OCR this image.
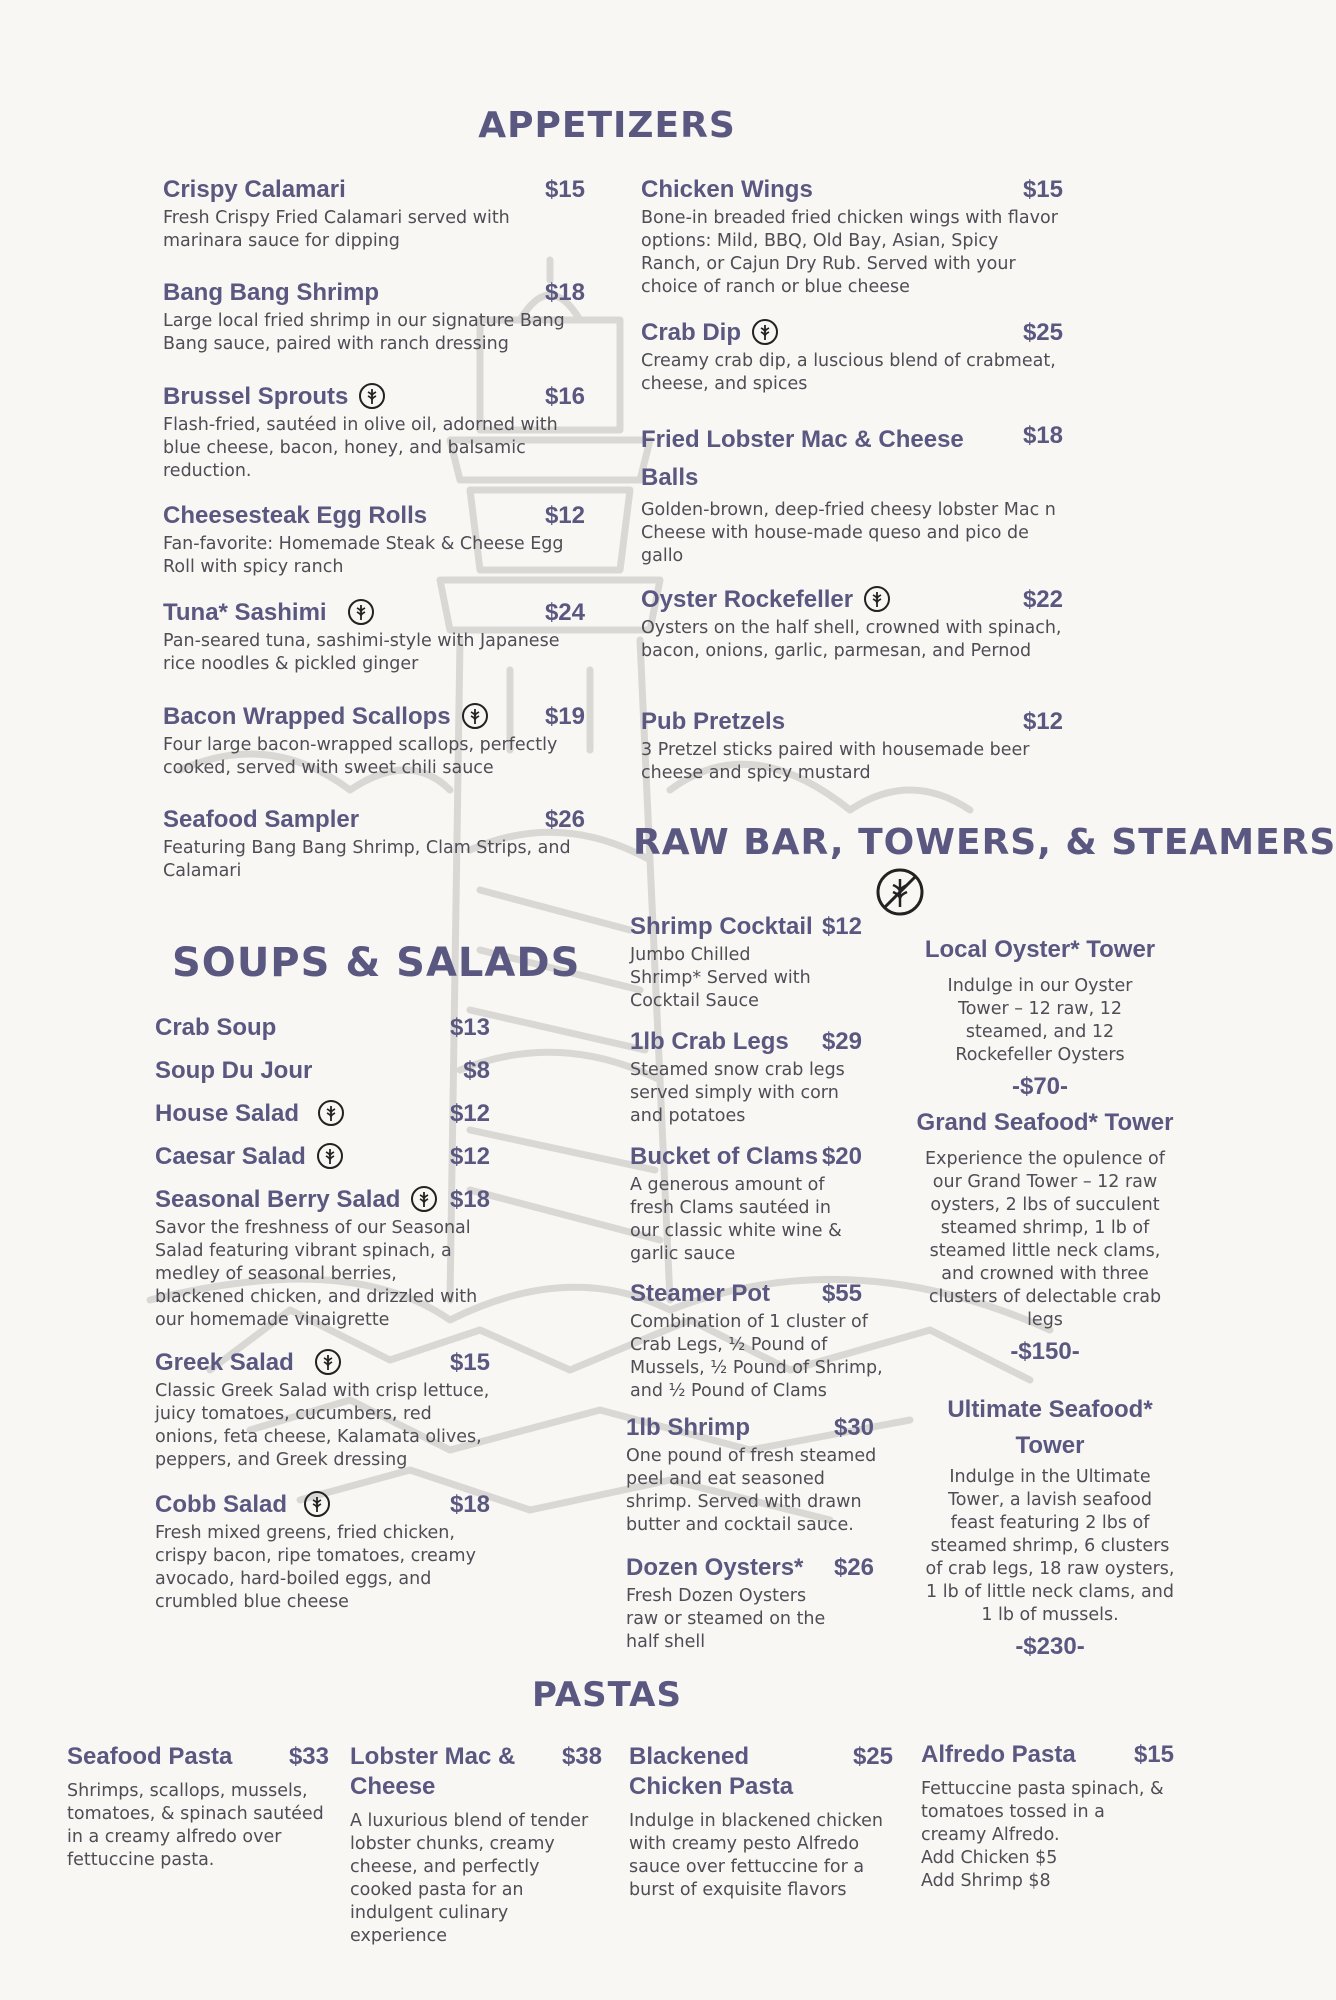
APPETIZERS
Crispy Calamari	$15
Fresh Crispy Fried Calamari served with marinara sauce for dipping
Bang Bang Shrimp	$18
Large local fried shrimp in our signature Bang Bang sauce, paired with ranch dressing
Brussel Sprouts	$16
Flash-fried, sautéed in olive oil, adorned with blue cheese, bacon, honey, and balsamic reduction.
Cheesesteak Egg Rolls	$12
Fan-favorite: Homemade Steak & Cheese Egg Roll with spicy ranch
Tuna* Sashimi	$24
Pan-seared tuna, sashimi-style with Japanese rice noodles & pickled ginger
Bacon Wrapped Scallops	$19
Four large bacon-wrapped scallops, perfectly cooked, served with sweet chili sauce
Seafood Sampler	$26
Featuring Bang Bang Shrimp, Clam Strips, and Calamari
Chicken Wings	$15
Bone-in breaded fried chicken wings with flavor options: Mild, BBQ, Old Bay, Asian, Spicy Ranch, or Cajun Dry Rub. Served with your choice of ranch or blue cheese
Crab Dip	$25
Creamy crab dip, a luscious blend of crabmeat, cheese, and spices
Fried Lobster Mac & Cheese Balls
$18
Golden-brown, deep-fried cheesy lobster Mac n Cheese with house-made queso and pico de gallo
Oyster Rockefeller	$22
Oysters on the half shell, crowned with spinach, bacon, onions, garlic, parmesan, and Pernod
Pub Pretzels	$12
3 Pretzel sticks paired with housemade beer cheese and spicy mustard
SOUPS & SALADS
Crab Soup	$13
Soup Du Jour	$8
House Salad	$12
Caesar Salad	$12
Seasonal Berry Salad	$18
Savor the freshness of our Seasonal Salad featuring vibrant spinach, a medley of seasonal berries, blackened chicken, and drizzled with our homemade vinaigrette
Greek Salad	$15
Classic Greek Salad with crisp lettuce, juicy tomatoes, cucumbers, red onions, feta cheese, Kalamata olives, peppers, and Greek dressing
Cobb Salad	$18
Fresh mixed greens, fried chicken, crispy bacon, ripe tomatoes, creamy avocado, hard-boiled eggs, and crumbled blue cheese
RAW BAR, TOWERS, & STEAMERS
Shrimp Cocktail $12
Jumbo Chilled Shrimp* Served with Cocktail Sauce
1lb Crab Legs	$29
Steamed snow crab legs served simply with corn and potatoes
Bucket of Clams $20
A generous amount of fresh Clams sautéed in our classic white wine & garlic sauce
Steamer Pot	$55
Combination of 1 cluster of Crab Legs, ½ Pound of Mussels, ½ Pound of Shrimp, and ½ Pound of Clams
1lb Shrimp	$30
One pound of fresh steamed peel and eat seasoned shrimp. Served with drawn butter and cocktail sauce.
Dozen Oysters*	$26
Fresh Dozen Oysters raw or steamed on the half shell
Local Oyster* Tower
Indulge in our Oyster Tower – 12 raw, 12 steamed, and 12 Rockefeller Oysters
-$70-
Grand Seafood* Tower
Experience the opulence of our Grand Tower – 12 raw oysters, 2 lbs of succulent steamed shrimp, 1 lb of steamed little neck clams, and crowned with three clusters of delectable crab legs
-$150-
Ultimate Seafood* Tower
Indulge in the Ultimate Tower, a lavish seafood feast featuring 2 lbs of steamed shrimp, 6 clusters of crab legs, 18 raw oysters, 1 lb of little neck clams, and 1 lb of mussels.
-$230-
PASTAS
Seafood Pasta	$33
Shrimps, scallops, mussels, tomatoes, & spinach sautéed in a creamy alfredo over fettuccine pasta.
Lobster Mac & Cheese
$38
A luxurious blend of tender lobster chunks, creamy cheese, and perfectly cooked pasta for an indulgent culinary experience
Blackened Chicken Pasta
$25
Indulge in blackened chicken with creamy pesto Alfredo sauce over fettuccine for a burst of exquisite flavors
Alfredo Pasta	$15
Fettuccine pasta spinach, & tomatoes tossed in a creamy Alfredo.
Add Chicken $5
Add Shrimp $8
